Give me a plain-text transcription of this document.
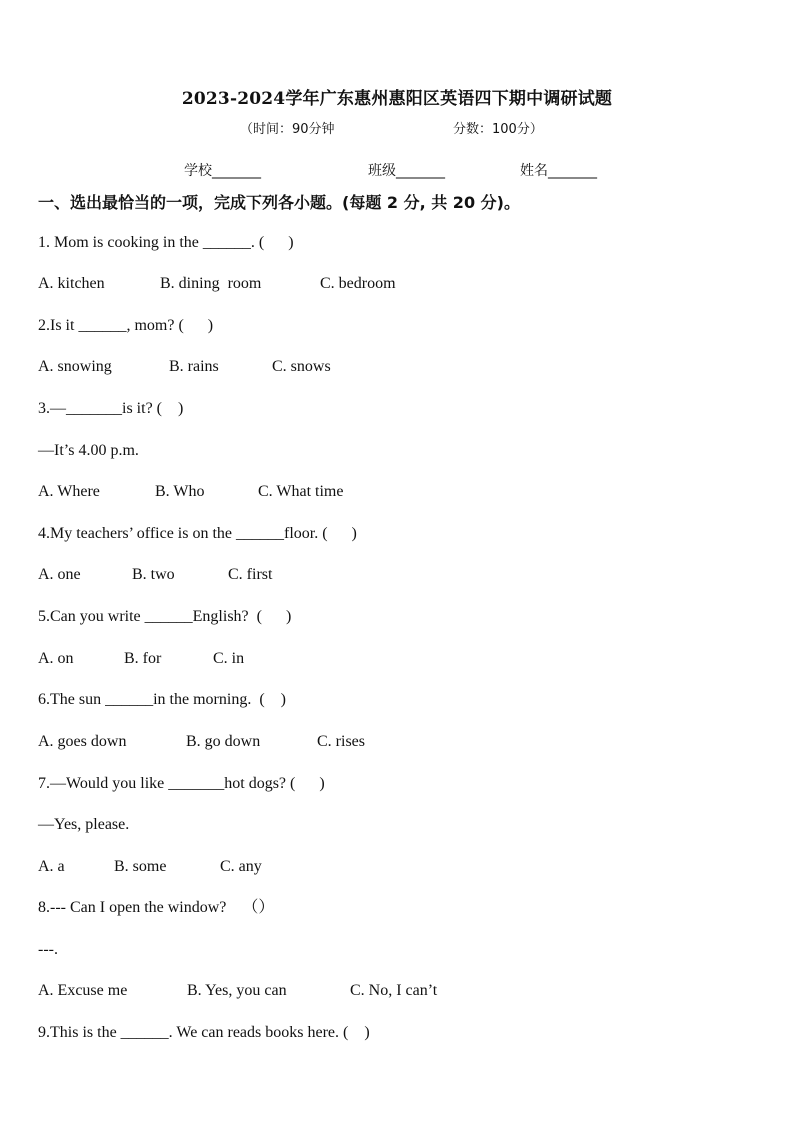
2023-2024学年广东惠州惠阳区英语四下期中调研试题
（时间：90分钟	分数：100分）
学校_______	班级_______	姓名_______
一、选出最恰当的一项，完成下列各小题。(每题 2 分, 共 20 分)。
1. Mom is cooking in the ______. (      )
A. kitchen	B. dining  room	C. bedroom
2.Is it ______, mom? (      )
A. snowing	B. rains	C. snows
3.—_______is it? (    )
—It’s 4.00 p.m.
A. Where	B. Who	C. What time
4.My teachers’ office is on the ______floor. (      )
A. one	B. two	C. first
5.Can you write ______English?  (      )
A. on	B. for	C. in
6.The sun ______in the morning.  (    )
A. goes down	B. go down	C. rises
7.—Would you like _______hot dogs? (      )
—Yes, please.
A. a	B. some	C. any
8.--- Can I open the window?    （）
---.
A. Excuse me	B. Yes, you can	C. No, I can’t
9.This is the ______. We can reads books here. (    )
